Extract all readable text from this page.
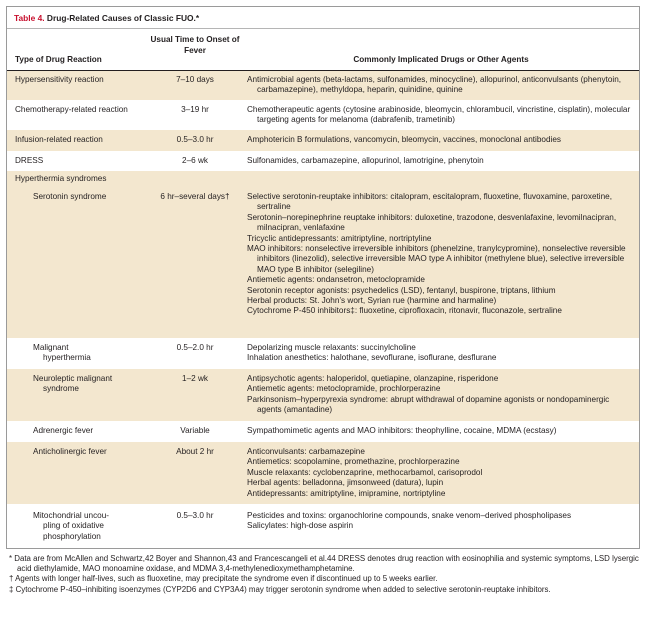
Table 4. Drug-Related Causes of Classic FUO.*
Type of Drug Reaction
Usual Time to Onset of Fever
Commonly Implicated Drugs or Other Agents
Hypersensitivity reaction	7–10 days	Antimicrobial agents (beta-lactams, sulfonamides, minocycline), allopurinol, anticonvulsants (phenytoin, carbamazepine), methyldopa, heparin, quinidine, quinine
Chemotherapy-related reaction	3–19 hr	Chemotherapeutic agents (cytosine arabinoside, bleomycin, chlorambucil, vincristine, cisplatin), molecular targeting agents for melanoma (dabrafenib, trametinib)
Infusion-related reaction	0.5–3.0 hr	Amphotericin B formulations, vancomycin, bleomycin, vaccines, monoclonal antibodies
DRESS	2–6 wk	Sulfonamides, carbamazepine, allopurinol, lamotrigine, phenytoin
Hyperthermia syndromes
Serotonin syndrome	6 hr–several days†	Selective serotonin-reuptake inhibitors: citalopram, escitalopram, fluoxetine, fluvoxamine, paroxetine, sertraline
Serotonin–norepinephrine reuptake inhibitors: duloxetine, trazodone, desvenlafaxine, levomilnacipran, milnacipran, venlafaxine
Tricyclic antidepressants: amitriptyline, nortriptyline
MAO inhibitors: nonselective irreversible inhibitors (phenelzine, tranylcypromine), nonselective reversible inhibitors (linezolid), selective irreversible MAO type A inhibitor (methylene blue), selective irreversible MAO type B inhibitor (selegiline)
Antiemetic agents: ondansetron, metoclopramide
Serotonin receptor agonists: psychedelics (LSD), fentanyl, buspirone, triptans, lithium
Herbal products: St. John’s wort, Syrian rue (harmine and harmaline)
Cytochrome P-450 inhibitors‡: fluoxetine, ciprofloxacin, ritonavir, fluconazole, sertraline
Malignant
hyperthermia
0.5–2.0 hr	Depolarizing muscle relaxants: succinylcholine
Inhalation anesthetics: halothane, sevoflurane, isoflurane, desflurane
Neuroleptic malignant
syndrome
1–2 wk	Antipsychotic agents: haloperidol, quetiapine, olanzapine, risperidone
Antiemetic agents: metoclopramide, prochlorperazine
Parkinsonism–hyperpyrexia syndrome: abrupt withdrawal of dopamine agonists or nondopaminergic agents (amantadine)
Adrenergic fever	Variable	Sympathomimetic agents and MAO inhibitors: theophylline, cocaine, MDMA (ecstasy)
Anticholinergic fever	About 2 hr	Anticonvulsants: carbamazepine
Antiemetics: scopolamine, promethazine, prochlorperazine
Muscle relaxants: cyclobenzaprine, methocarbamol, carisoprodol
Herbal agents: belladonna, jimsonweed (datura), lupin
Antidepressants: amitriptyline, imipramine, nortriptyline
Mitochondrial uncou-
pling of oxidative
phosphorylation
0.5–3.0 hr	Pesticides and toxins: organochlorine compounds, snake venom–derived phospholipases
Salicylates: high-dose aspirin
* Data are from McAllen and Schwartz,42 Boyer and Shannon,43 and Francescangeli et al.44 DRESS denotes drug reaction with eosinophilia and systemic symptoms, LSD lysergic acid diethylamide, MAO monoamine oxidase, and MDMA 3,4-methylenedioxymethamphetamine.
† Agents with longer half-lives, such as fluoxetine, may precipitate the syndrome even if discontinued up to 5 weeks earlier.
‡ Cytochrome P-450–inhibiting isoenzymes (CYP2D6 and CYP3A4) may trigger serotonin syndrome when added to selective serotonin-reuptake inhibitors.
